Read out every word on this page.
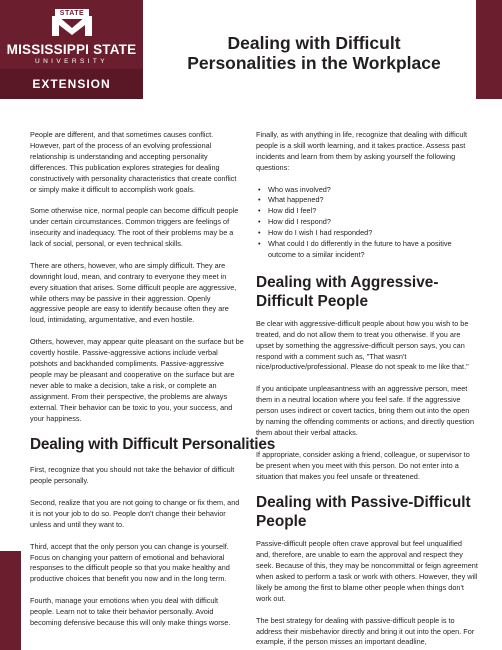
STATE
MISSISSIPPI STATE
UNIVERSITY
EXTENSION
Dealing with Difficult
Personalities in the Workplace

People are different, and that sometimes causes conflict. However, part of the process of an evolving professional relationship is understanding and accepting personality differences. This publication explores strategies for dealing constructively with personality characteristics that create conflict or simply make it difficult to accomplish work goals.

Some otherwise nice, normal people can become difficult people under certain circumstances. Common triggers are feelings of insecurity and inadequacy. The root of their problems may be a lack of social, personal, or even technical skills.

There are others, however, who are simply difficult. They are downright loud, mean, and contrary to everyone they meet in every situation that arises. Some difficult people are aggressive, while others may be passive in their aggression. Openly aggressive people are easy to identify because often they are loud, intimidating, argumentative, and even hostile.

Others, however, may appear quite pleasant on the surface but be covertly hostile. Passive-aggressive actions include verbal potshots and backhanded compliments. Passive-aggressive people may be pleasant and cooperative on the surface but are never able to make a decision, take a risk, or complete an assignment. From their perspective, the problems are always external. Their behavior can be toxic to you, your success, and your happiness.

Dealing with Difficult Personalities

First, recognize that you should not take the behavior of difficult people personally.

Second, realize that you are not going to change or fix them, and it is not your job to do so. People don't change their behavior unless and until they want to.

Third, accept that the only person you can change is yourself. Focus on changing your pattern of emotional and behavioral responses to the difficult people so that you make healthy and productive choices that benefit you now and in the long term.

Fourth, manage your emotions when you deal with difficult people. Learn not to take their behavior personally. Avoid becoming defensive because this will only make things worse.

Finally, as with anything in life, recognize that dealing with difficult people is a skill worth learning, and it takes practice. Assess past incidents and learn from them by asking yourself the following questions:

• Who was involved?
• What happened?
• How did I feel?
• How did I respond?
• How do I wish I had responded?
• What could I do differently in the future to have a positive outcome to a similar incident?
Dealing with Aggressive-Difficult People

Be clear with aggressive-difficult people about how you wish to be treated, and do not allow them to treat you otherwise. If you are upset by something the aggressive-difficult person says, you can respond with a comment such as, "That wasn't nice/productive/professional. Please do not speak to me like that."

If you anticipate unpleasantness with an aggressive person, meet them in a neutral location where you feel safe. If the aggressive person uses indirect or covert tactics, bring them out into the open by naming the offending comments or actions, and directly question them about their verbal attacks.

If appropriate, consider asking a friend, colleague, or supervisor to be present when you meet with this person. Do not enter into a situation that makes you feel unsafe or threatened.

Dealing with Passive-Difficult People

Passive-difficult people often crave approval but feel unqualified and, therefore, are unable to earn the approval and respect they seek. Because of this, they may be noncommittal or feign agreement when asked to perform a task or work with others. However, they will likely be among the first to blame other people when things don't work out.

The best strategy for dealing with passive-difficult people is to address their misbehavior directly and bring it out into the open. For example, if the person misses an important deadline,
